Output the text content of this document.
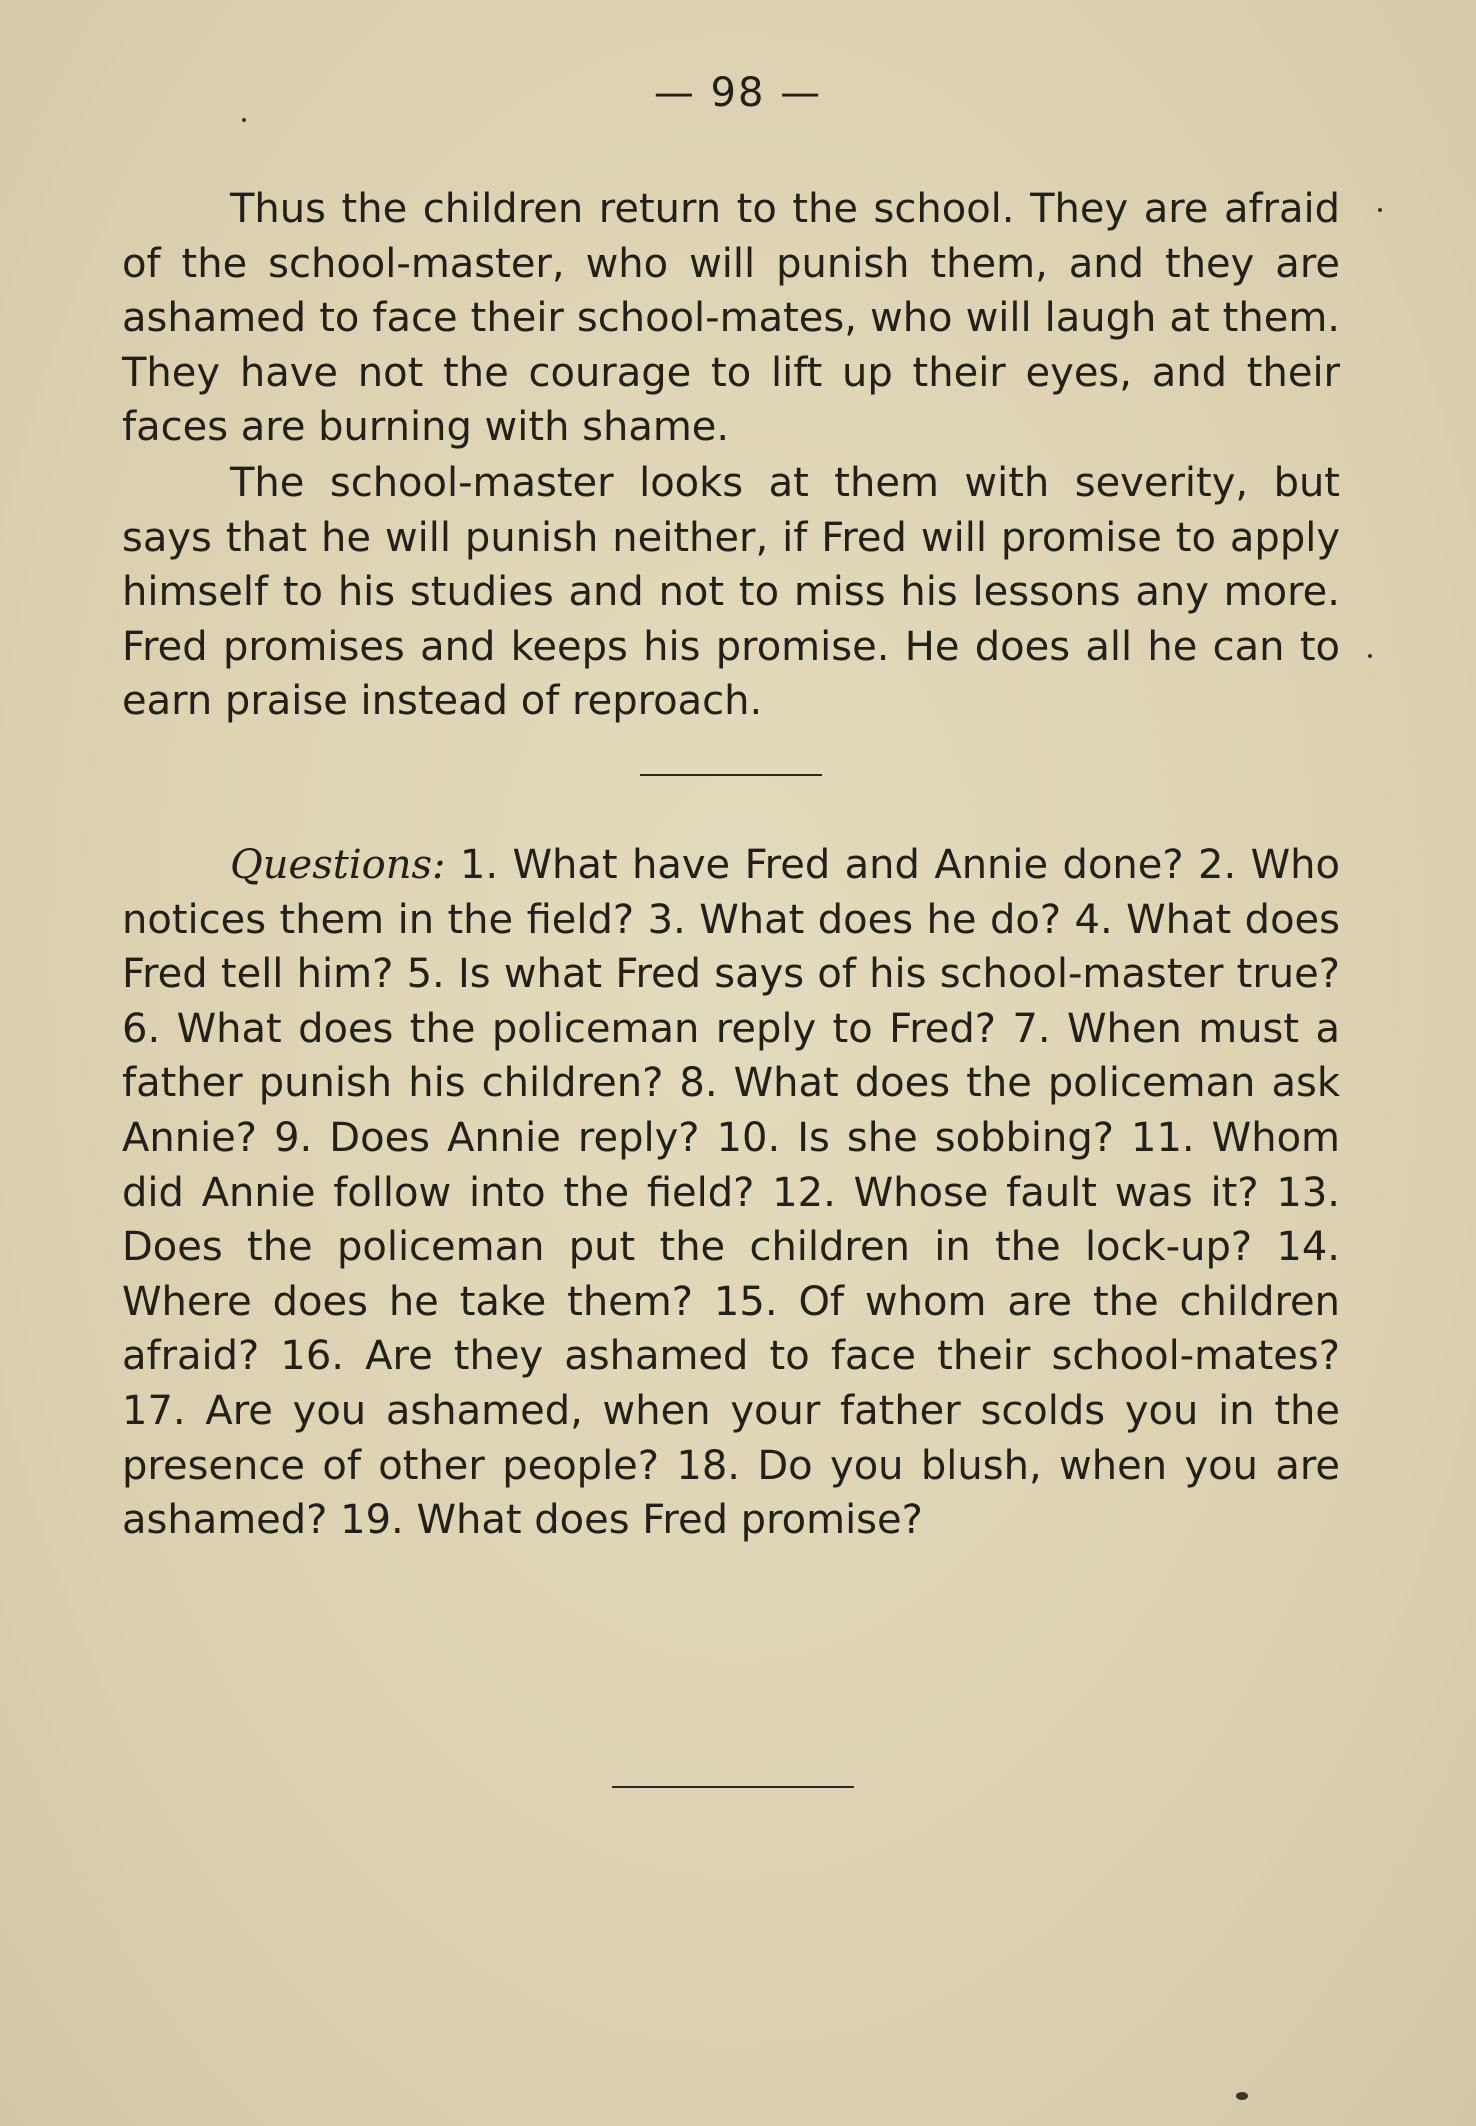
— 98 —

Thus the children return to the school. They are afraid of the school-master, who will punish them, and they are ashamed to face their school-mates, who will laugh at them. They have not the courage to lift up their eyes, and their faces are burning with shame.

The school-master looks at them with severity, but says that he will punish neither, if Fred will promise to apply himself to his studies and not to miss his lessons any more. Fred promises and keeps his promise. He does all he can to earn praise instead of reproach.

Questions: 1. What have Fred and Annie done? 2. Who notices them in the field? 3. What does he do? 4. What does Fred tell him? 5. Is what Fred says of his school-master true? 6. What does the policeman reply to Fred? 7. When must a father punish his children? 8. What does the policeman ask Annie? 9. Does Annie reply? 10. Is she sobbing? 11. Whom did Annie follow into the field? 12. Whose fault was it? 13. Does the policeman put the children in the lock-up? 14. Where does he take them? 15. Of whom are the children afraid? 16. Are they ashamed to face their school-mates? 17. Are you ashamed, when your father scolds you in the presence of other people? 18. Do you blush, when you are ashamed? 19. What does Fred promise?
